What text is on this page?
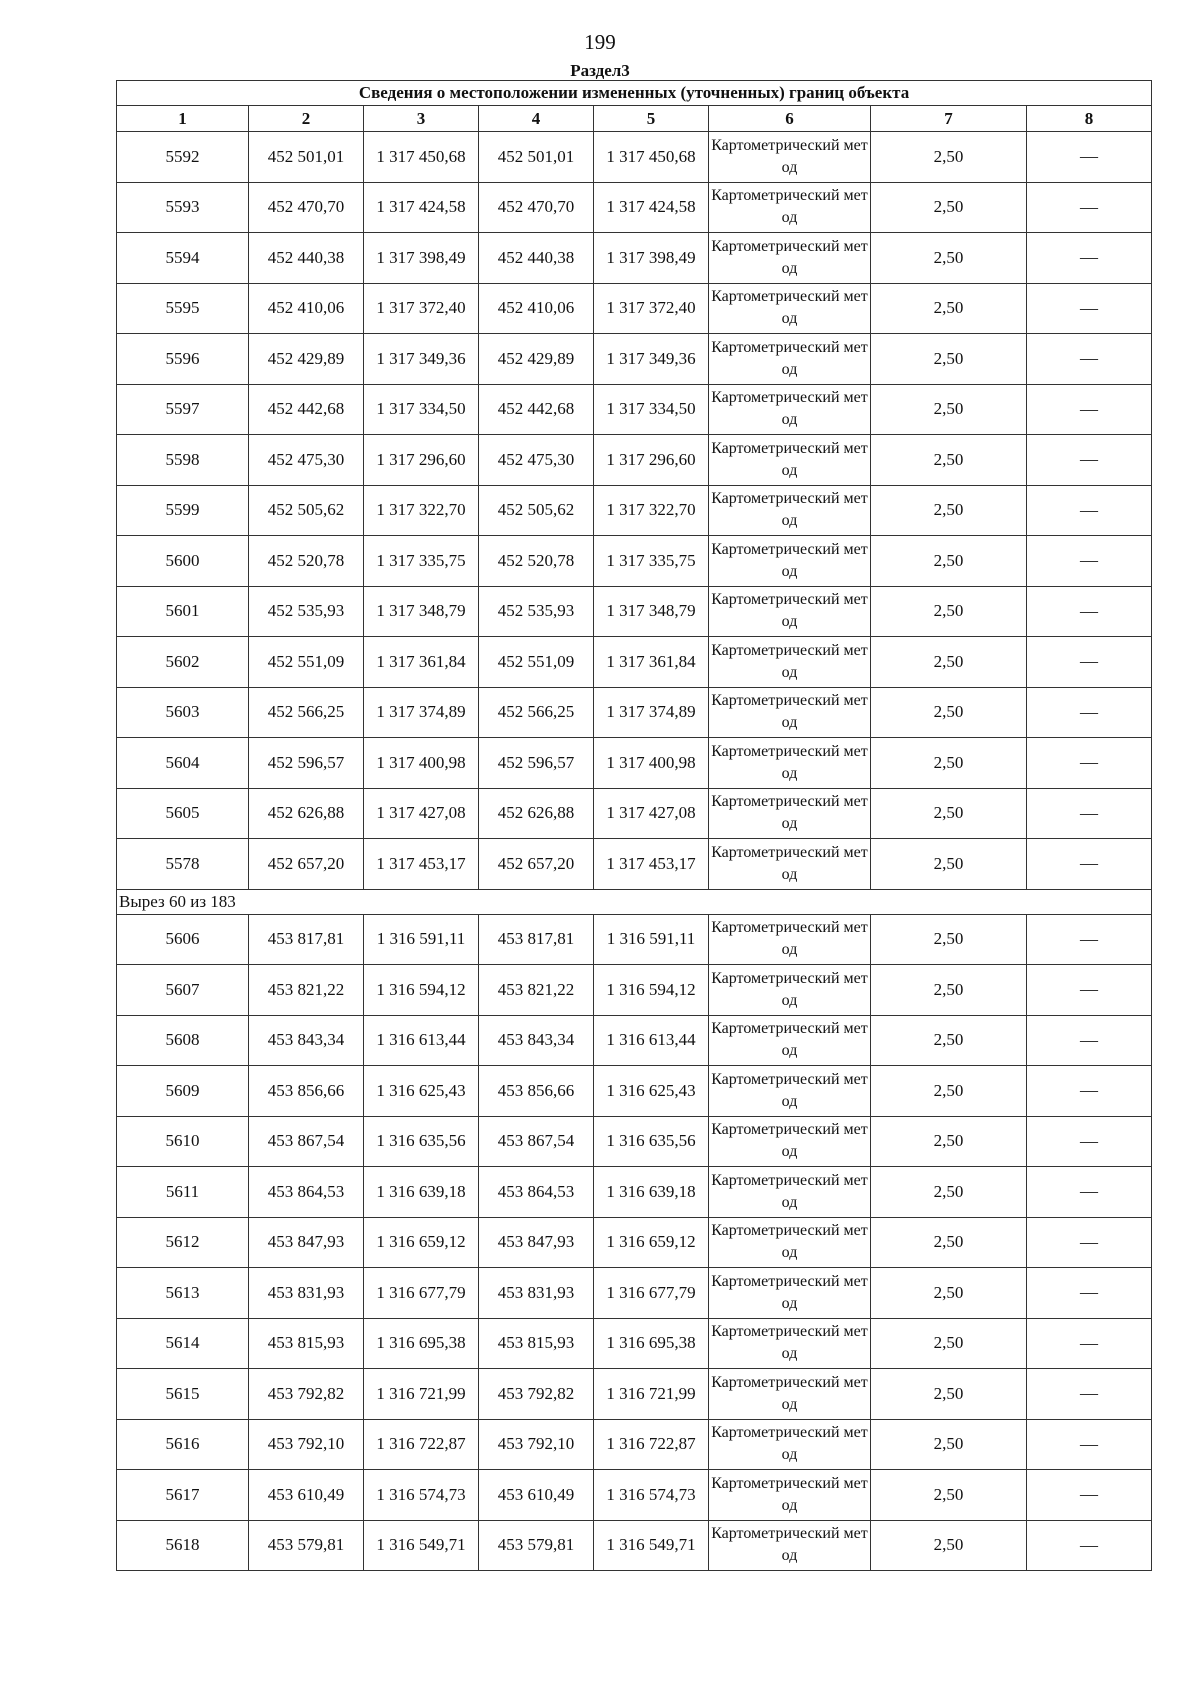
199
Раздел3
Сведения о местоположении измененных (уточненных) границ объекта							
1	2	3	4	5	6	7	8
5592	452 501,01	1 317 450,68	452 501,01	1 317 450,68	Картометрический метод	2,50	—
5593	452 470,70	1 317 424,58	452 470,70	1 317 424,58	Картометрический метод	2,50	—
5594	452 440,38	1 317 398,49	452 440,38	1 317 398,49	Картометрический метод	2,50	—
5595	452 410,06	1 317 372,40	452 410,06	1 317 372,40	Картометрический метод	2,50	—
5596	452 429,89	1 317 349,36	452 429,89	1 317 349,36	Картометрический метод	2,50	—
5597	452 442,68	1 317 334,50	452 442,68	1 317 334,50	Картометрический метод	2,50	—
5598	452 475,30	1 317 296,60	452 475,30	1 317 296,60	Картометрический метод	2,50	—
5599	452 505,62	1 317 322,70	452 505,62	1 317 322,70	Картометрический метод	2,50	—
5600	452 520,78	1 317 335,75	452 520,78	1 317 335,75	Картометрический метод	2,50	—
5601	452 535,93	1 317 348,79	452 535,93	1 317 348,79	Картометрический метод	2,50	—
5602	452 551,09	1 317 361,84	452 551,09	1 317 361,84	Картометрический метод	2,50	—
5603	452 566,25	1 317 374,89	452 566,25	1 317 374,89	Картометрический метод	2,50	—
5604	452 596,57	1 317 400,98	452 596,57	1 317 400,98	Картометрический метод	2,50	—
5605	452 626,88	1 317 427,08	452 626,88	1 317 427,08	Картометрический метод	2,50	—
5578	452 657,20	1 317 453,17	452 657,20	1 317 453,17	Картометрический метод	2,50	—
Вырез 60 из 183							
5606	453 817,81	1 316 591,11	453 817,81	1 316 591,11	Картометрический метод	2,50	—
5607	453 821,22	1 316 594,12	453 821,22	1 316 594,12	Картометрический метод	2,50	—
5608	453 843,34	1 316 613,44	453 843,34	1 316 613,44	Картометрический метод	2,50	—
5609	453 856,66	1 316 625,43	453 856,66	1 316 625,43	Картометрический метод	2,50	—
5610	453 867,54	1 316 635,56	453 867,54	1 316 635,56	Картометрический метод	2,50	—
5611	453 864,53	1 316 639,18	453 864,53	1 316 639,18	Картометрический метод	2,50	—
5612	453 847,93	1 316 659,12	453 847,93	1 316 659,12	Картометрический метод	2,50	—
5613	453 831,93	1 316 677,79	453 831,93	1 316 677,79	Картометрический метод	2,50	—
5614	453 815,93	1 316 695,38	453 815,93	1 316 695,38	Картометрический метод	2,50	—
5615	453 792,82	1 316 721,99	453 792,82	1 316 721,99	Картометрический метод	2,50	—
5616	453 792,10	1 316 722,87	453 792,10	1 316 722,87	Картометрический метод	2,50	—
5617	453 610,49	1 316 574,73	453 610,49	1 316 574,73	Картометрический метод	2,50	—
5618	453 579,81	1 316 549,71	453 579,81	1 316 549,71	Картометрический метод	2,50	—
